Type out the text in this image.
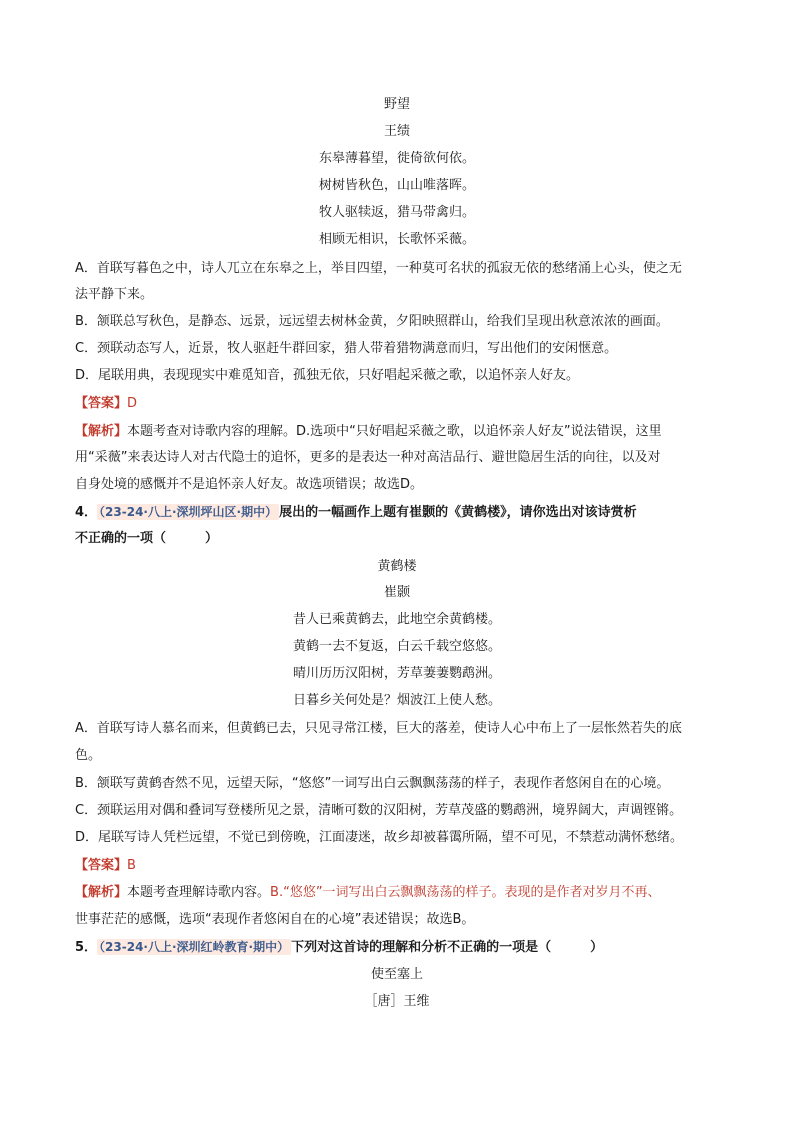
野望
王绩
东皋薄暮望，徙倚欲何依。
树树皆秋色，山山唯落晖。
牧人驱犊返，猎马带禽归。
相顾无相识，长歌怀采薇。
A．首联写暮色之中，诗人兀立在东皋之上，举目四望，一种莫可名状的孤寂无依的愁绪涌上心头，使之无
法平静下来。
B．颔联总写秋色，是静态、远景，远远望去树林金黄，夕阳映照群山，给我们呈现出秋意浓浓的画面。
C．颈联动态写人，近景，牧人驱赶牛群回家，猎人带着猎物满意而归，写出他们的安闲惬意。
D．尾联用典，表现现实中难觅知音，孤独无依，只好唱起采薇之歌，以追怀亲人好友。
【答案】D
【解析】本题考查对诗歌内容的理解。D.选项中“只好唱起采薇之歌，以追怀亲人好友”说法错误，这里
用“采薇”来表达诗人对古代隐士的追怀，更多的是表达一种对高洁品行、避世隐居生活的向往，以及对
自身处境的感慨并不是追怀亲人好友。故选项错误；故选D。
4． （23-24·八上·深圳坪山区·期中） 展出的一幅画作上题有崔颢的《黄鹤楼》，请你选出对该诗赏析
不正确的一项（　　　）
黄鹤楼
崔颢
昔人已乘黄鹤去，此地空余黄鹤楼。
黄鹤一去不复返，白云千载空悠悠。
晴川历历汉阳树，芳草萋萋鹦鹉洲。
日暮乡关何处是？烟波江上使人愁。
A．首联写诗人慕名而来，但黄鹤已去，只见寻常江楼，巨大的落差，使诗人心中布上了一层怅然若失的底
色。
B．颔联写黄鹤杳然不见，远望天际，“悠悠”一词写出白云飘飘荡荡的样子，表现作者悠闲自在的心境。
C．颈联运用对偶和叠词写登楼所见之景，清晰可数的汉阳树，芳草茂盛的鹦鹉洲，境界阔大，声调铿锵。
D．尾联写诗人凭栏远望，不觉已到傍晚，江面凄迷，故乡却被暮霭所隔，望不可见，不禁惹动满怀愁绪。
【答案】B
【解析】本题考查理解诗歌内容。B.“悠悠”一词写出白云飘飘荡荡的样子。表现的是作者对岁月不再、
世事茫茫的感慨，选项“表现作者悠闲自在的心境”表述错误；故选B。
5． （23-24·八上·深圳红岭教育·期中） 下列对这首诗的理解和分析不正确的一项是（　　　）
使至塞上
［唐］王维
